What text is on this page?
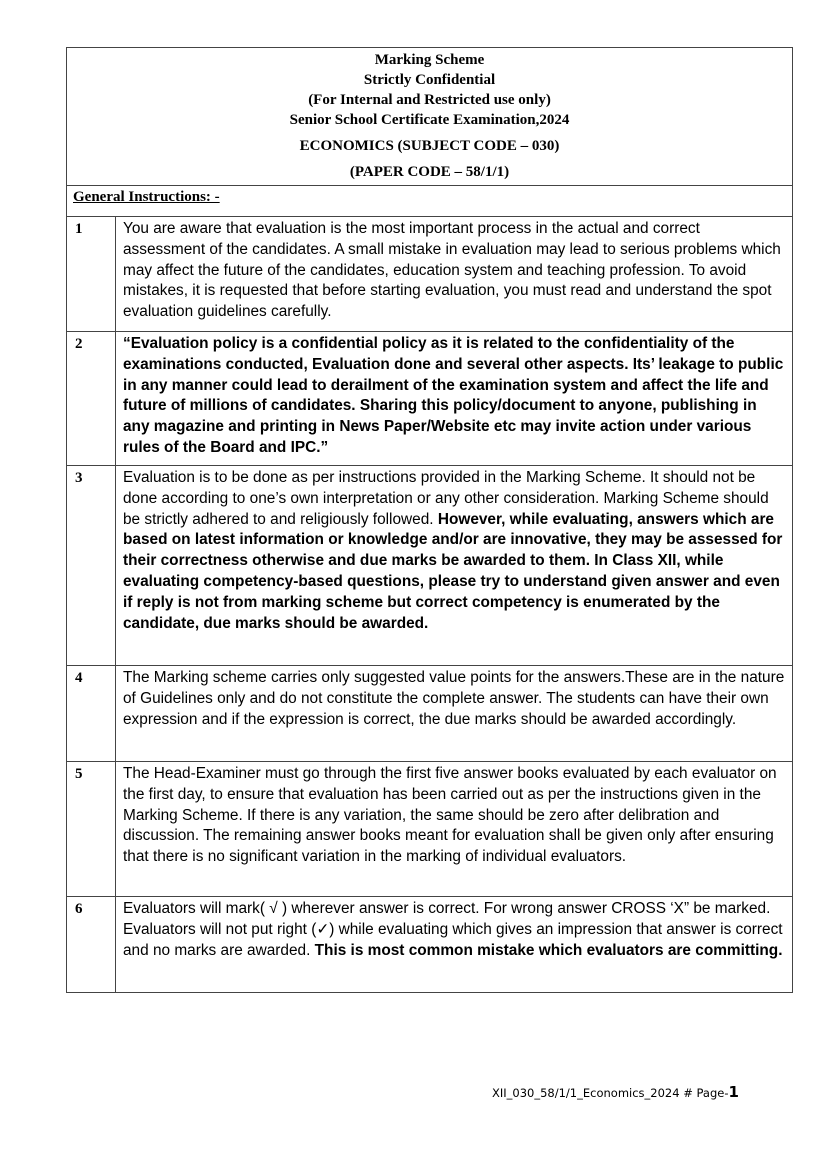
Marking Scheme
Strictly Confidential
(For Internal and Restricted use only)
Senior School Certificate Examination,2024
ECONOMICS (SUBJECT CODE – 030)
(PAPER CODE – 58/1/1)
General Instructions: -
1	You are aware that evaluation is the most important process in the actual and correct assessment of the candidates. A small mistake in evaluation may lead to serious problems which may affect the future of the candidates, education system and teaching profession. To avoid mistakes, it is requested that before starting evaluation, you must read and understand the spot evaluation guidelines carefully.
2	“Evaluation policy is a confidential policy as it is related to the confidentiality of the examinations conducted, Evaluation done and several other aspects. Its’ leakage to public in any manner could lead to derailment of the examination system and affect the life and future of millions of candidates. Sharing this policy/document to anyone, publishing in any magazine and printing in News Paper/Website etc may invite action under various rules of the Board and IPC.”
3	Evaluation is to be done as per instructions provided in the Marking Scheme. It should not be done according to one’s own interpretation or any other consideration. Marking Scheme should be strictly adhered to and religiously followed. However, while evaluating, answers which are based on latest information or knowledge and/or are innovative, they may be assessed for their correctness otherwise and due marks be awarded to them. In Class XII, while evaluating competency-based questions, please try to understand given answer and even if reply is not from marking scheme but correct competency is enumerated by the candidate, due marks should be awarded.
4	The Marking scheme carries only suggested value points for the answers.These are in the nature of Guidelines only and do not constitute the complete answer. The students can have their own expression and if the expression is correct, the due marks should be awarded accordingly.
5	The Head-Examiner must go through the first five answer books evaluated by each evaluator on the first day, to ensure that evaluation has been carried out as per the instructions given in the Marking Scheme. If there is any variation, the same should be zero after delibration and discussion. The remaining answer books meant for evaluation shall be given only after ensuring that there is no significant variation in the marking of individual evaluators.
6	Evaluators will mark( √ ) wherever answer is correct. For wrong answer CROSS ‘X” be marked. Evaluators will not put right (✓) while evaluating which gives an impression that answer is correct and no marks are awarded. This is most common mistake which evaluators are committing.
XII_030_58/1/1_Economics_2024 # Page-1
